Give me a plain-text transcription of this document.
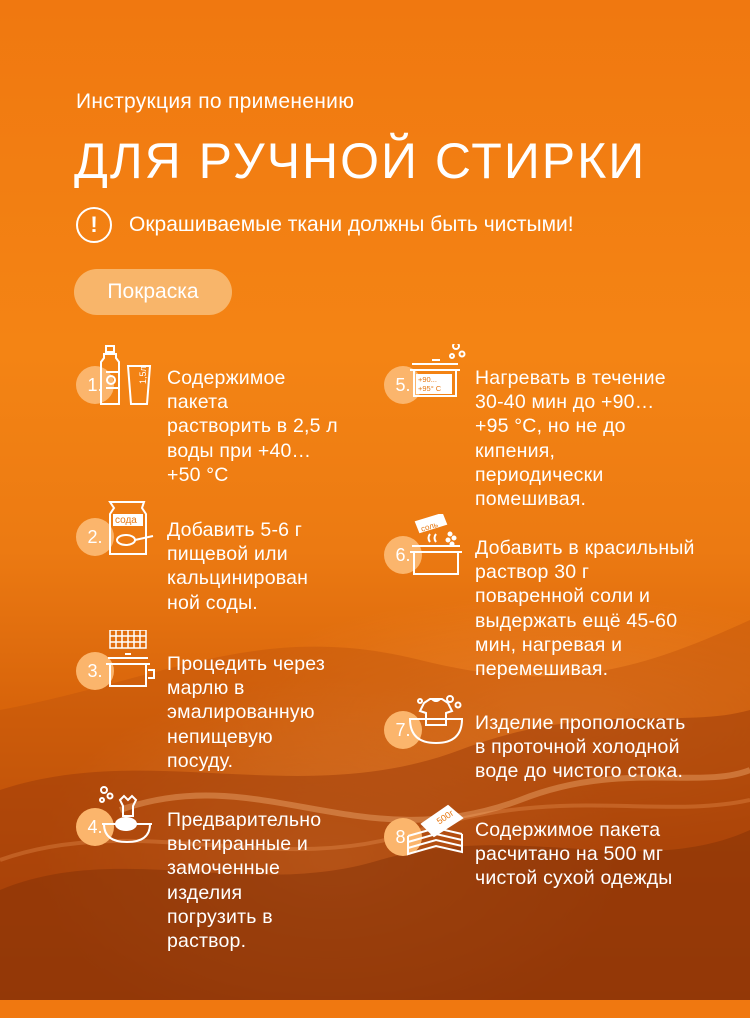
Инструкция по применению
ДЛЯ РУЧНОЙ СТИРКИ
!	Окрашиваемые ткани должны быть чистыми!
Покраска
1.	1,5л Содержимое
пакета
растворить в 2,5 л
воды при +40…
+50 °С
2.
сода Добавить 5-6 г
пищевой или
кальцинирован
ной соды.
3.	Процедить через
марлю в
эмалированную
непищевую
посуду.
4.	Предварительно
выстиранные и
замоченные
изделия
погрузить в
раствор.
5.	+90...
+95° C Нагревать в течение
30-40 мин до +90…
+95 °С, но не до
кипения,
периодически
помешивая.
6.
соль
Добавить в красильный
раствор 30 г
поваренной соли и
выдержать ещё 45-60
мин, нагревая и
перемешивая.
7.	Изделие прополоскать
в проточной холодной
воде до чистого стока.
8.
500г
Содержимое пакета
расчитано на 500 мг
чистой сухой одежды
